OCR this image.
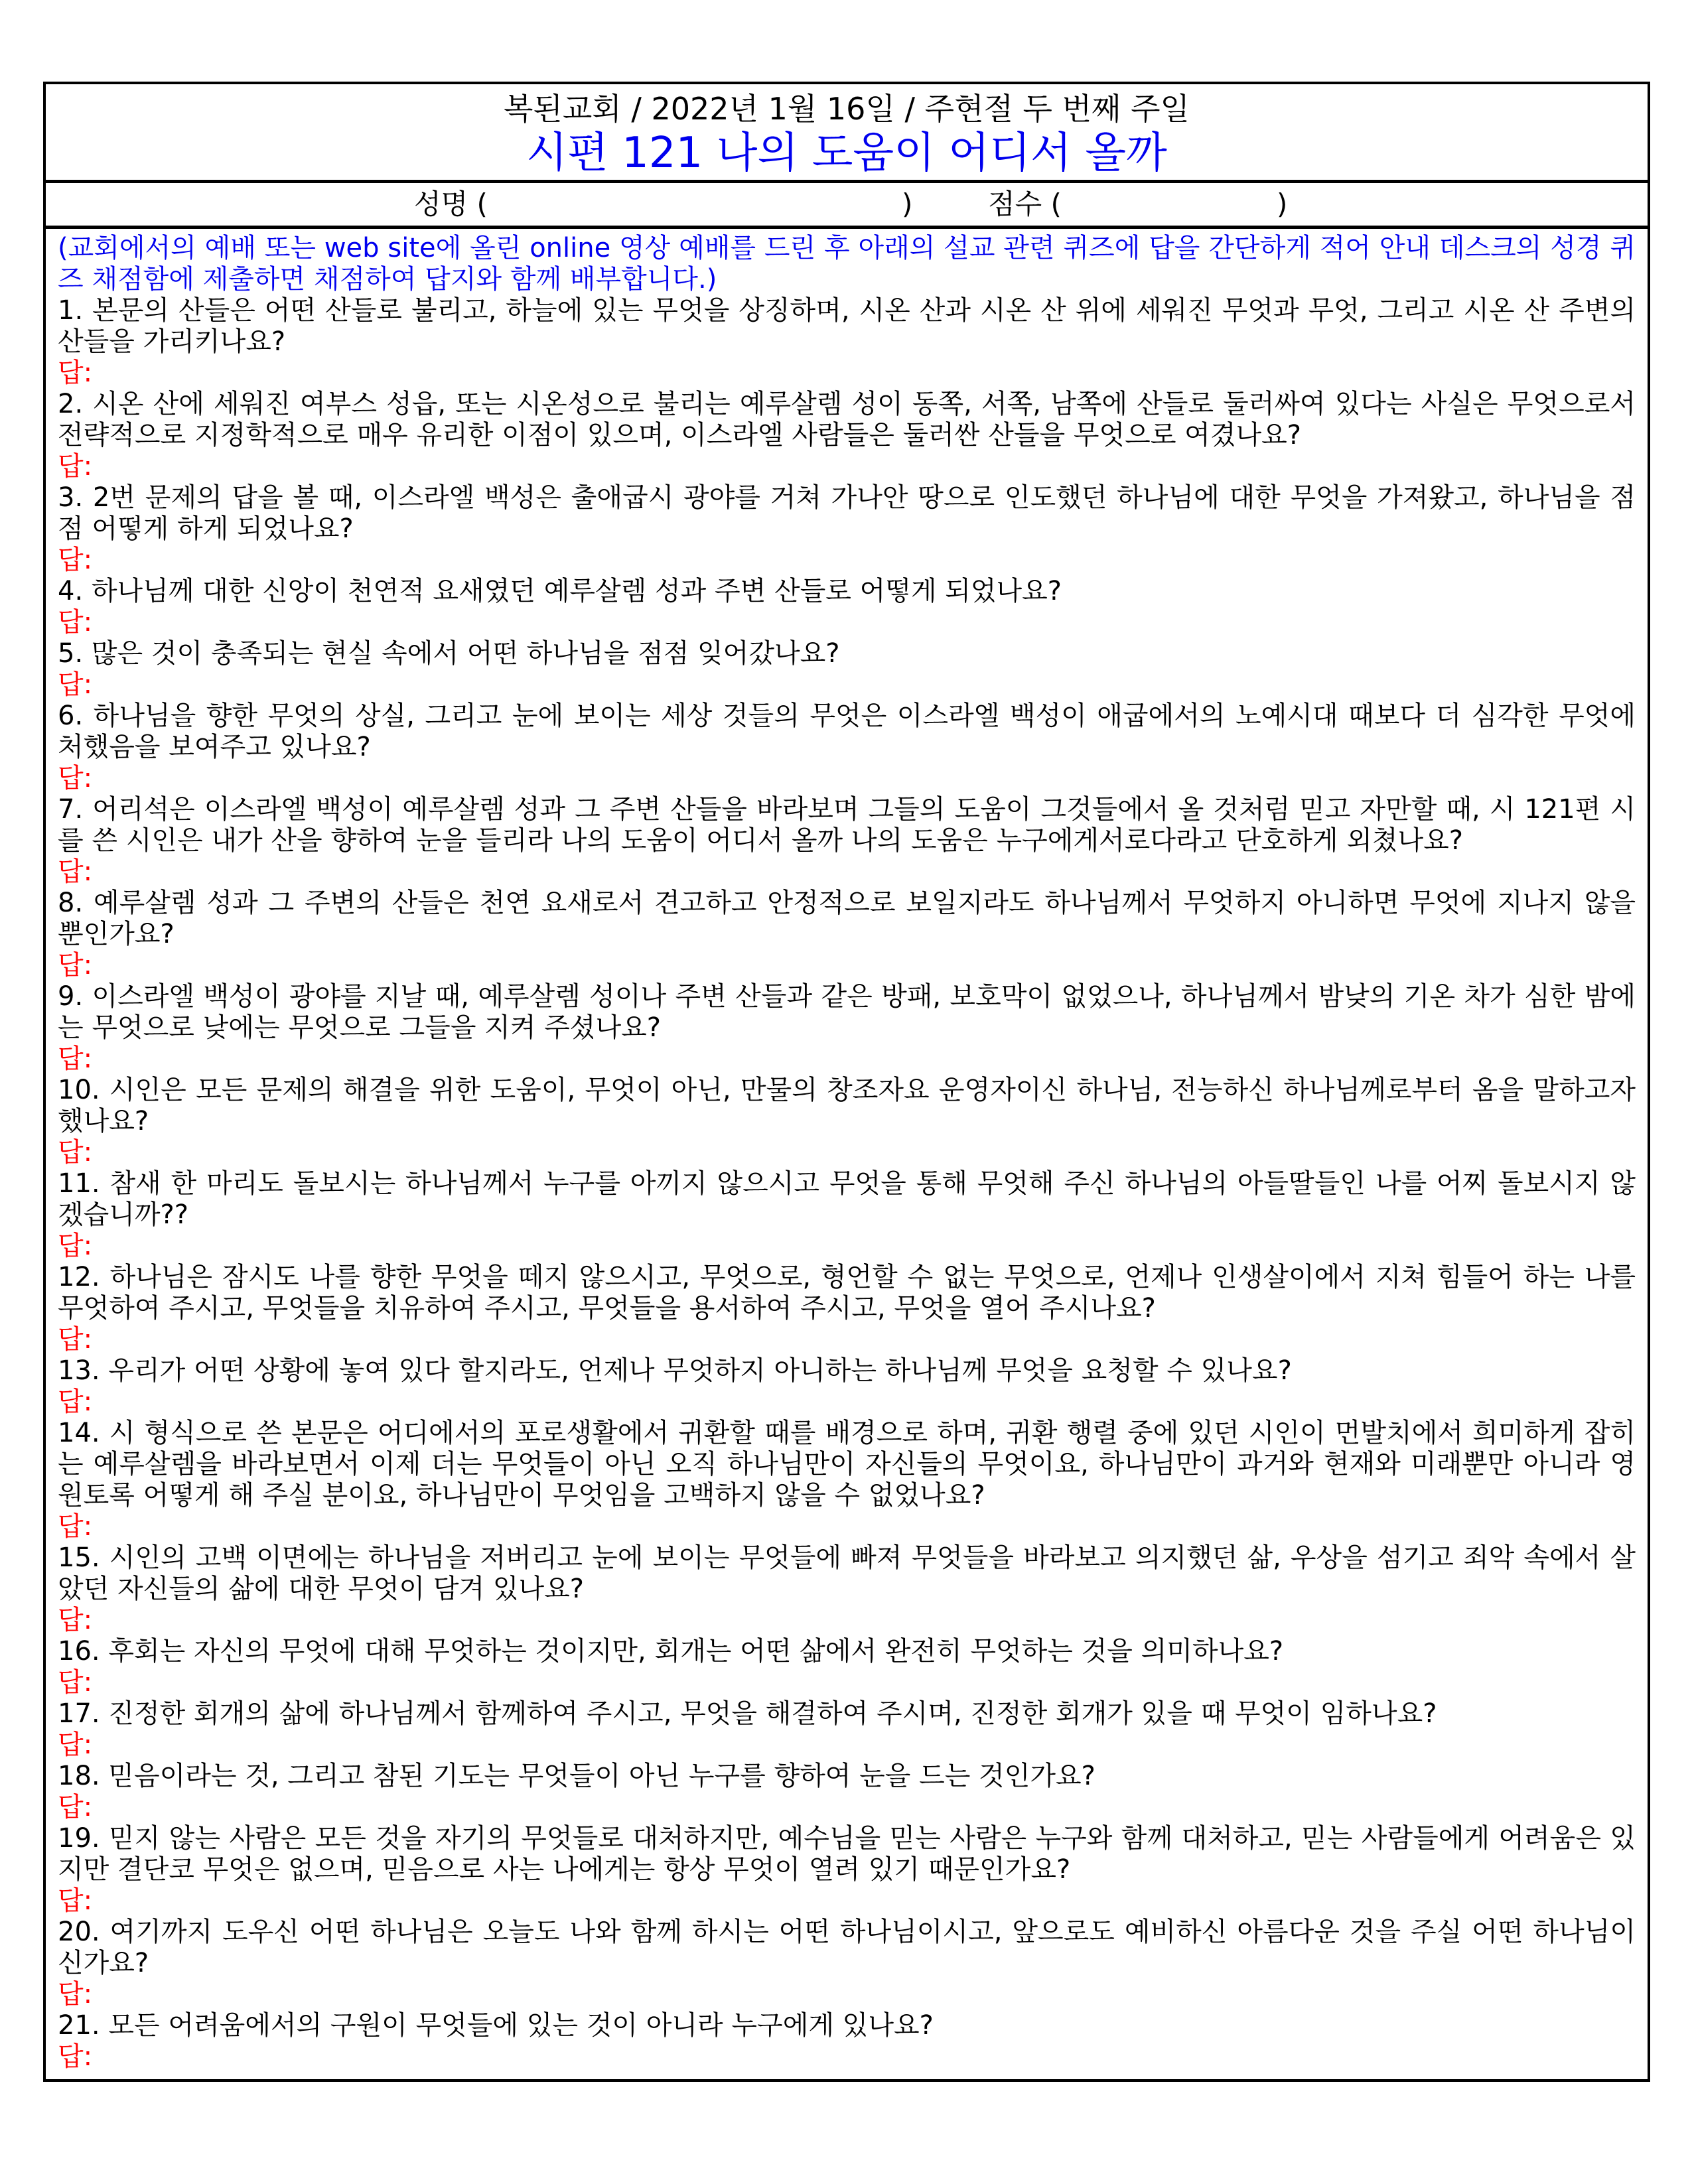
복된교회 / 2022년 1월 16일 / 주현절 두 번째 주일
시편 121 나의 도움이 어디서 올까
성명 (	)	점수 (	)
(교회에서의 예배 또는 web site에 올린 online 영상 예배를 드린 후 아래의 설교 관련 퀴즈에 답을 간단하게 적어 안내 데스크의 성경 퀴즈 채점함에 제출하면 채점하여 답지와 함께 배부합니다.)
1. 본문의 산들은 어떤 산들로 불리고, 하늘에 있는 무엇을 상징하며, 시온 산과 시온 산 위에 세워진 무엇과 무엇, 그리고 시온 산 주변의 산들을 가리키나요?
답:
2. 시온 산에 세워진 여부스 성읍, 또는 시온성으로 불리는 예루살렘 성이 동쪽, 서쪽, 남쪽에 산들로 둘러싸여 있다는 사실은 무엇으로서 전략적으로 지정학적으로 매우 유리한 이점이 있으며, 이스라엘 사람들은 둘러싼 산들을 무엇으로 여겼나요?
답:
3. 2번 문제의 답을 볼 때, 이스라엘 백성은 출애굽시 광야를 거쳐 가나안 땅으로 인도했던 하나님에 대한 무엇을 가져왔고, 하나님을 점점 어떻게 하게 되었나요?
답:
4. 하나님께 대한 신앙이 천연적 요새였던 예루살렘 성과 주변 산들로 어떻게 되었나요?
답:
5. 많은 것이 충족되는 현실 속에서 어떤 하나님을 점점 잊어갔나요?
답:
6. 하나님을 향한 무엇의 상실, 그리고 눈에 보이는 세상 것들의 무엇은 이스라엘 백성이 애굽에서의 노예시대 때보다 더 심각한 무엇에 처했음을 보여주고 있나요?
답:
7. 어리석은 이스라엘 백성이 예루살렘 성과 그 주변 산들을 바라보며 그들의 도움이 그것들에서 올 것처럼 믿고 자만할 때, 시 121편 시를 쓴 시인은 내가 산을 향하여 눈을 들리라 나의 도움이 어디서 올까 나의 도움은 누구에게서로다라고 단호하게 외쳤나요?
답:
8. 예루살렘 성과 그 주변의 산들은 천연 요새로서 견고하고 안정적으로 보일지라도 하나님께서 무엇하지 아니하면 무엇에 지나지 않을 뿐인가요?
답:
9. 이스라엘 백성이 광야를 지날 때, 예루살렘 성이나 주변 산들과 같은 방패, 보호막이 없었으나, 하나님께서 밤낮의 기온 차가 심한 밤에는 무엇으로 낮에는 무엇으로 그들을 지켜 주셨나요?
답:
10. 시인은 모든 문제의 해결을 위한 도움이, 무엇이 아닌, 만물의 창조자요 운영자이신 하나님, 전능하신 하나님께로부터 옴을 말하고자 했나요?
답:
11. 참새 한 마리도 돌보시는 하나님께서 누구를 아끼지 않으시고 무엇을 통해 무엇해 주신 하나님의 아들딸들인 나를 어찌 돌보시지 않겠습니까??
답:
12. 하나님은 잠시도 나를 향한 무엇을 떼지 않으시고, 무엇으로, 형언할 수 없는 무엇으로, 언제나 인생살이에서 지쳐 힘들어 하는 나를 무엇하여 주시고, 무엇들을 치유하여 주시고, 무엇들을 용서하여 주시고, 무엇을 열어 주시나요?
답:
13. 우리가 어떤 상황에 놓여 있다 할지라도, 언제나 무엇하지 아니하는 하나님께 무엇을 요청할 수 있나요?
답:
14. 시 형식으로 쓴 본문은 어디에서의 포로생활에서 귀환할 때를 배경으로 하며, 귀환 행렬 중에 있던 시인이 먼발치에서 희미하게 잡히는 예루살렘을 바라보면서 이제 더는 무엇들이 아닌 오직 하나님만이 자신들의 무엇이요, 하나님만이 과거와 현재와 미래뿐만 아니라 영원토록 어떻게 해 주실 분이요, 하나님만이 무엇임을 고백하지 않을 수 없었나요?
답:
15. 시인의 고백 이면에는 하나님을 저버리고 눈에 보이는 무엇들에 빠져 무엇들을 바라보고 의지했던 삶, 우상을 섬기고 죄악 속에서 살았던 자신들의 삶에 대한 무엇이 담겨 있나요?
답:
16. 후회는 자신의 무엇에 대해 무엇하는 것이지만, 회개는 어떤 삶에서 완전히 무엇하는 것을 의미하나요?
답:
17. 진정한 회개의 삶에 하나님께서 함께하여 주시고, 무엇을 해결하여 주시며, 진정한 회개가 있을 때 무엇이 임하나요?
답:
18. 믿음이라는 것, 그리고 참된 기도는 무엇들이 아닌 누구를 향하여 눈을 드는 것인가요?
답:
19. 믿지 않는 사람은 모든 것을 자기의 무엇들로 대처하지만, 예수님을 믿는 사람은 누구와 함께 대처하고, 믿는 사람들에게 어려움은 있지만 결단코 무엇은 없으며, 믿음으로 사는 나에게는 항상 무엇이 열려 있기 때문인가요?
답:
20. 여기까지 도우신 어떤 하나님은 오늘도 나와 함께 하시는 어떤 하나님이시고, 앞으로도 예비하신 아름다운 것을 주실 어떤 하나님이신가요?
답:
21. 모든 어려움에서의 구원이 무엇들에 있는 것이 아니라 누구에게 있나요?
답:
